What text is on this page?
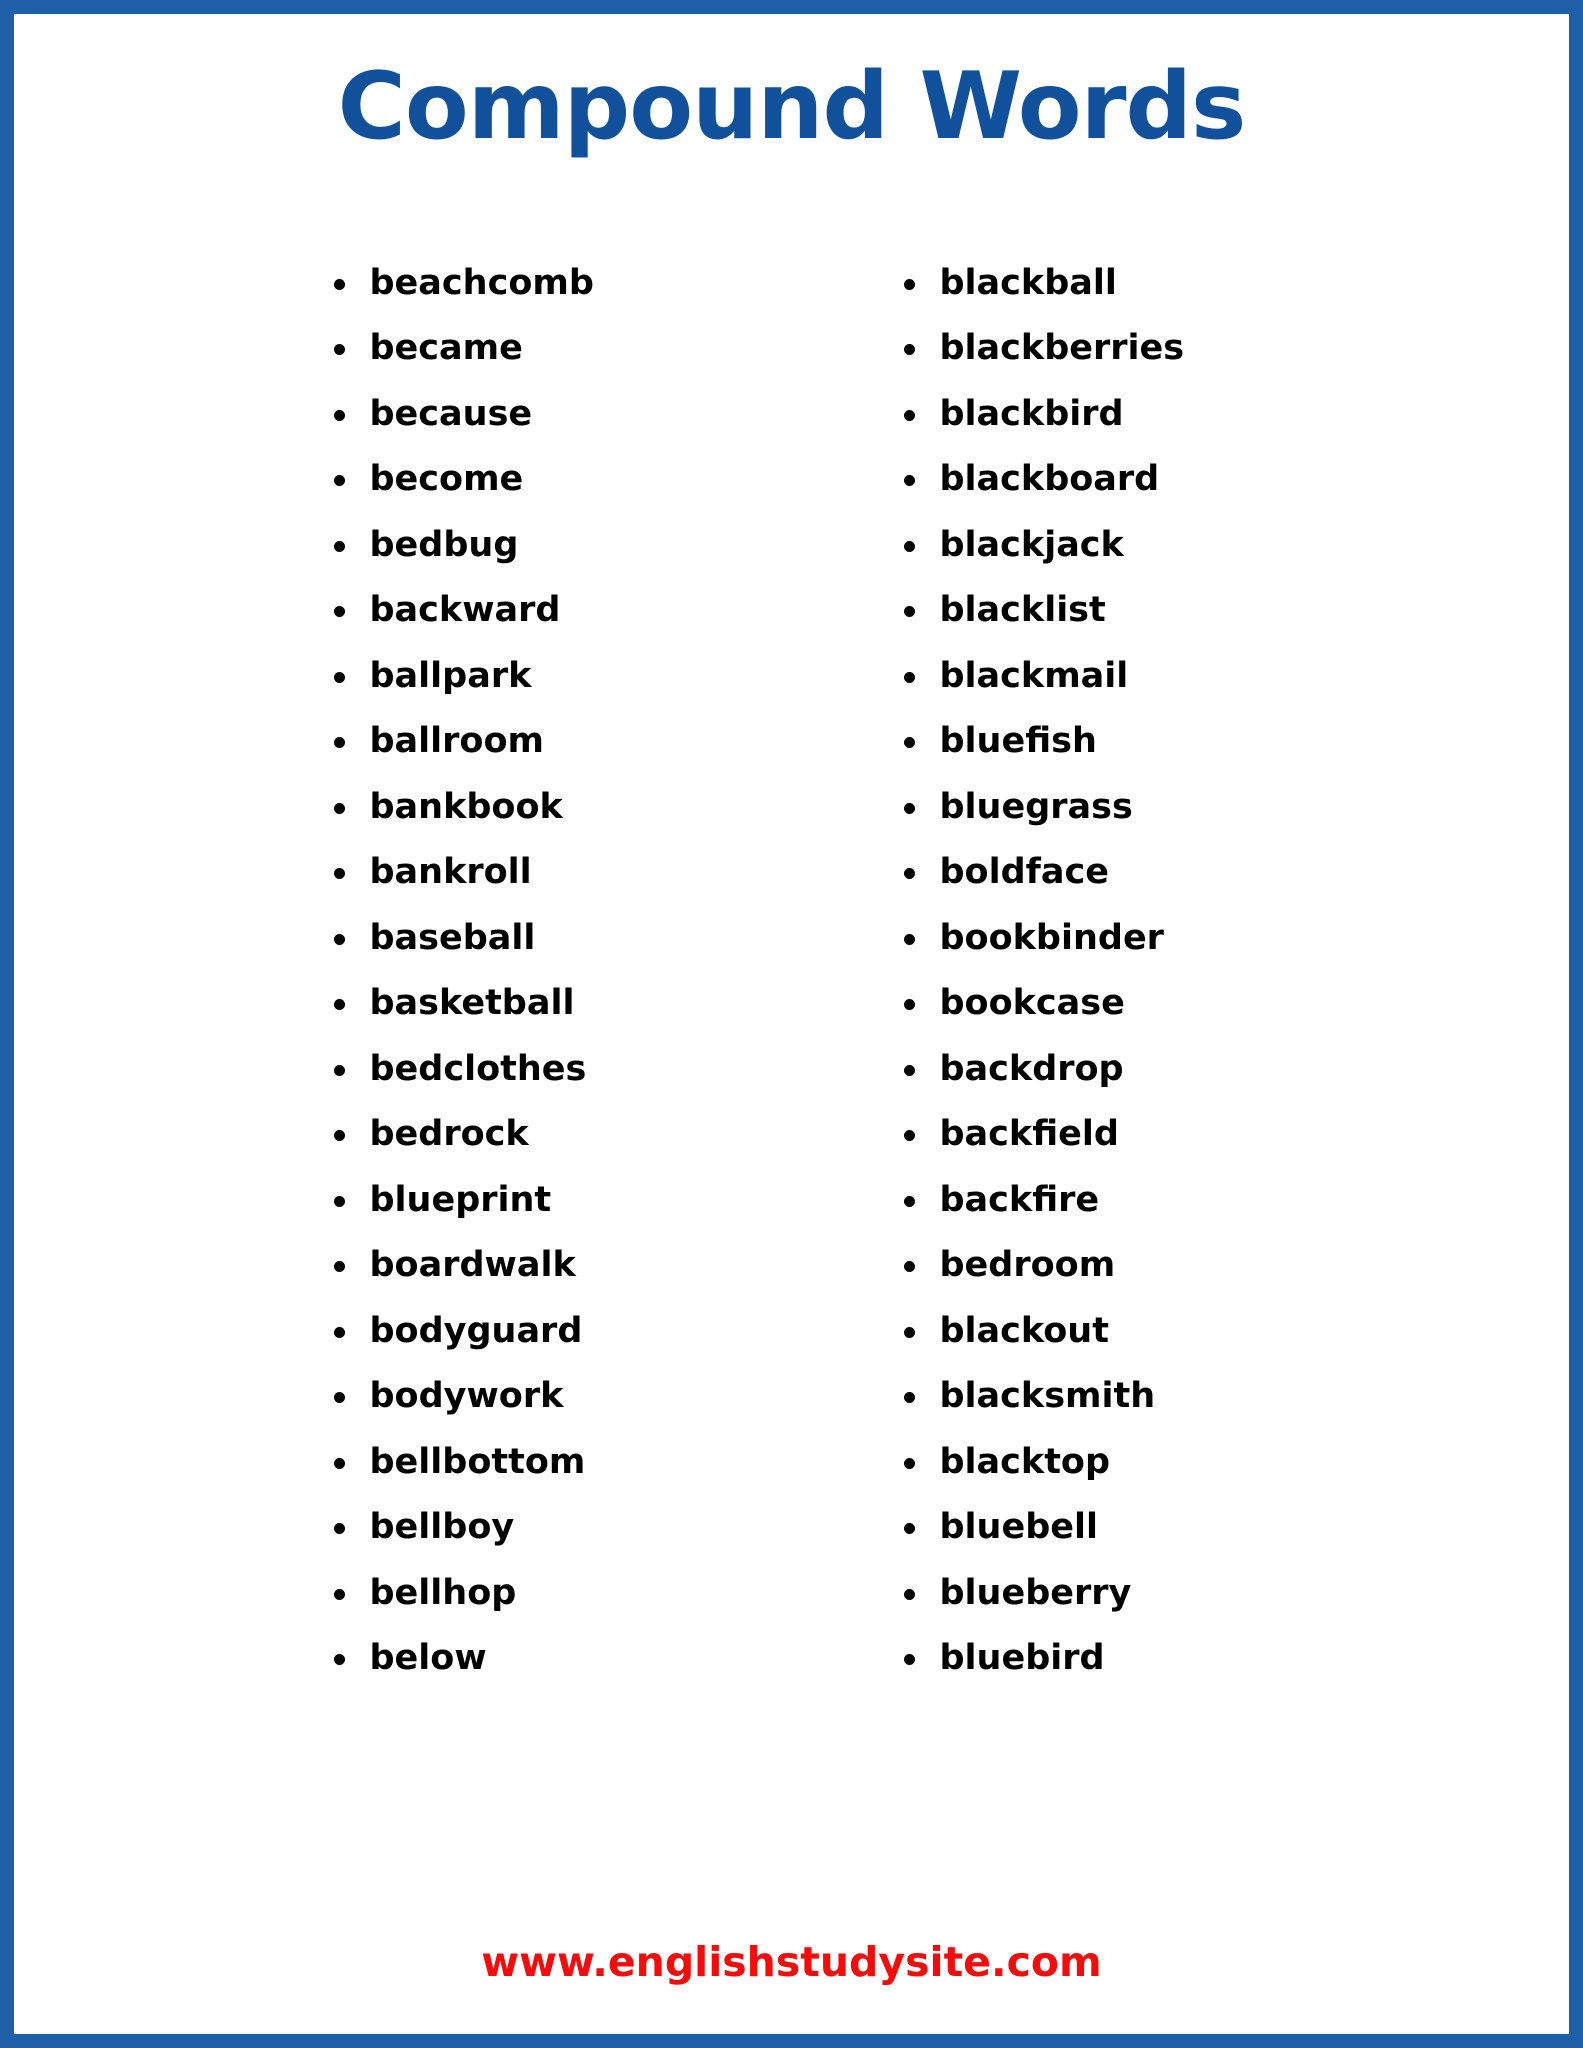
Compound Words
beachcomb
became
because
become
bedbug
backward
ballpark
ballroom
bankbook
bankroll
baseball
basketball
bedclothes
bedrock
blueprint
boardwalk
bodyguard
bodywork
bellbottom
bellboy
bellhop
below
blackball
blackberries
blackbird
blackboard
blackjack
blacklist
blackmail
bluefish
bluegrass
boldface
bookbinder
bookcase
backdrop
backfield
backfire
bedroom
blackout
blacksmith
blacktop
bluebell
blueberry
bluebird
www.englishstudysite.com
